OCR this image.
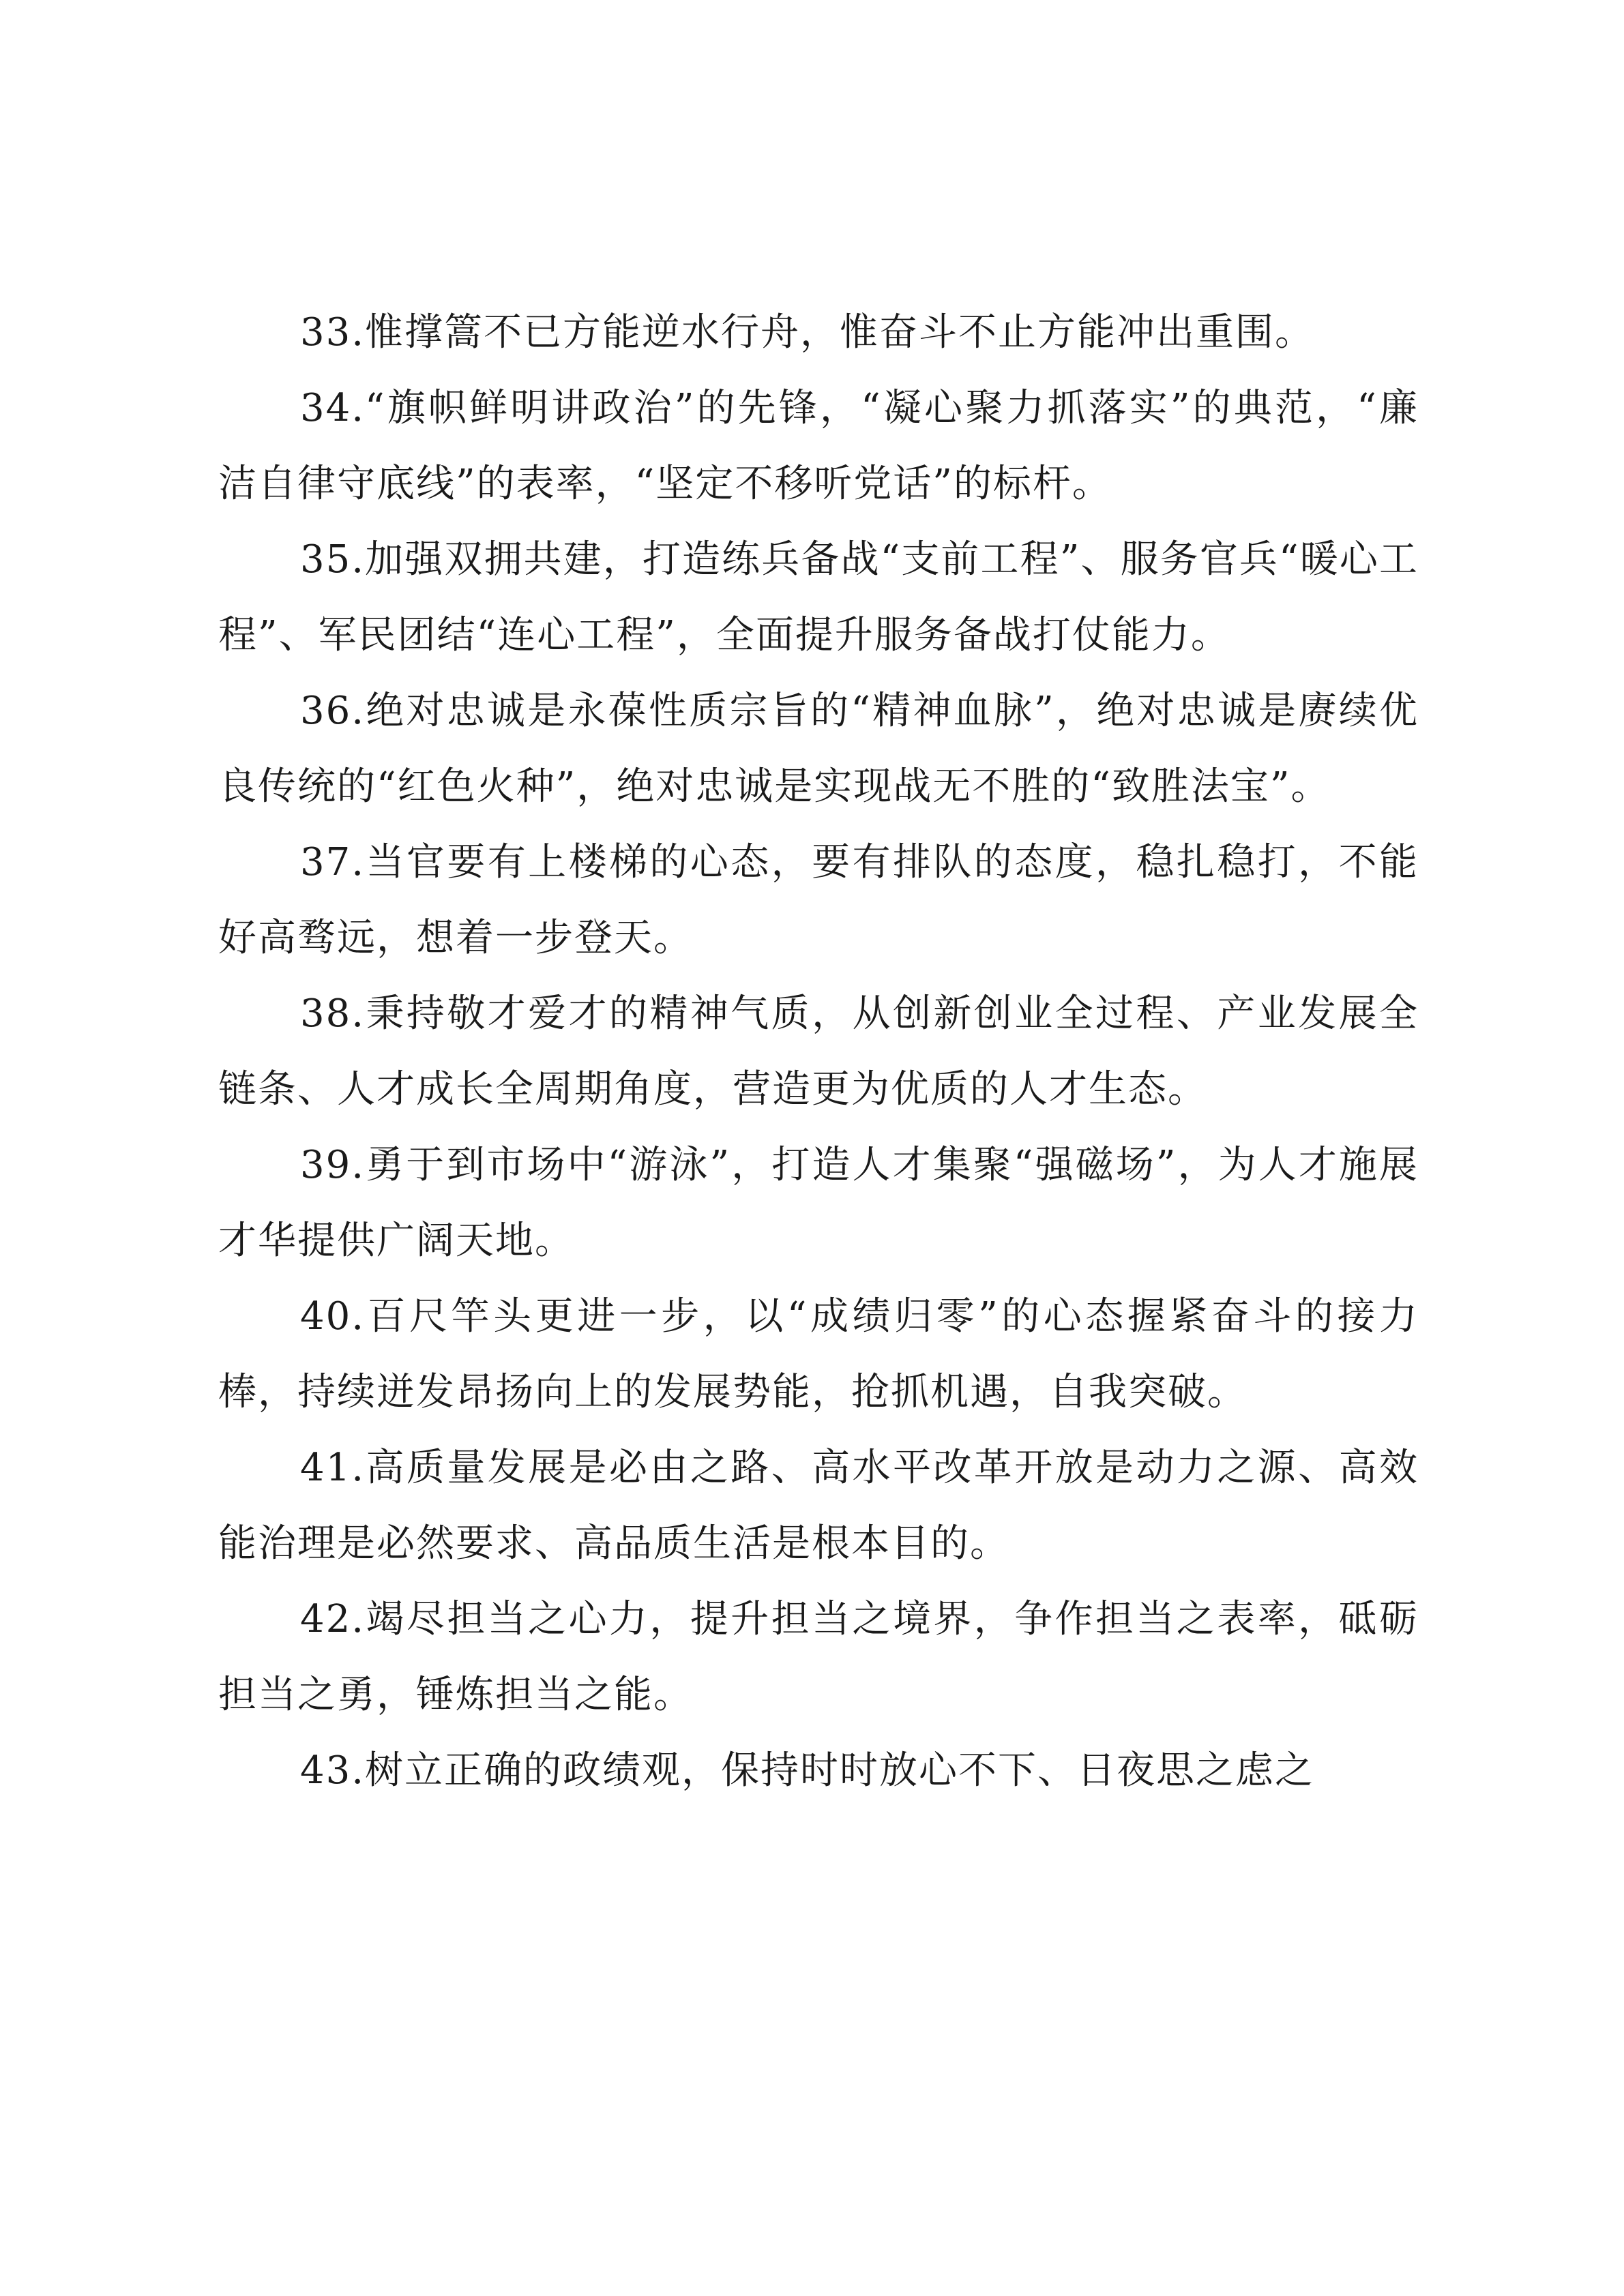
33.惟撑篙不已方能逆水行舟，惟奋斗不止方能冲出重围。

34.“旗帜鲜明讲政治”的先锋，“凝心聚力抓落实”的典范，“廉洁自律守底线”的表率，“坚定不移听党话”的标杆。

35.加强双拥共建，打造练兵备战“支前工程”、服务官兵“暖心工程”、军民团结“连心工程”，全面提升服务备战打仗能力。

36.绝对忠诚是永葆性质宗旨的“精神血脉”，绝对忠诚是赓续优良传统的“红色火种”，绝对忠诚是实现战无不胜的“致胜法宝”。

37.当官要有上楼梯的心态，要有排队的态度，稳扎稳打，不能好高骛远，想着一步登天。

38.秉持敬才爱才的精神气质，从创新创业全过程、产业发展全链条、人才成长全周期角度，营造更为优质的人才生态。

39.勇于到市场中“游泳”，打造人才集聚“强磁场”，为人才施展才华提供广阔天地。

40.百尺竿头更进一步，以“成绩归零”的心态握紧奋斗的接力棒，持续迸发昂扬向上的发展势能，抢抓机遇，自我突破。

41.高质量发展是必由之路、高水平改革开放是动力之源、高效能治理是必然要求、高品质生活是根本目的。

42.竭尽担当之心力，提升担当之境界，争作担当之表率，砥砺担当之勇，锤炼担当之能。

43.树立正确的政绩观，保持时时放心不下、日夜思之虑之
